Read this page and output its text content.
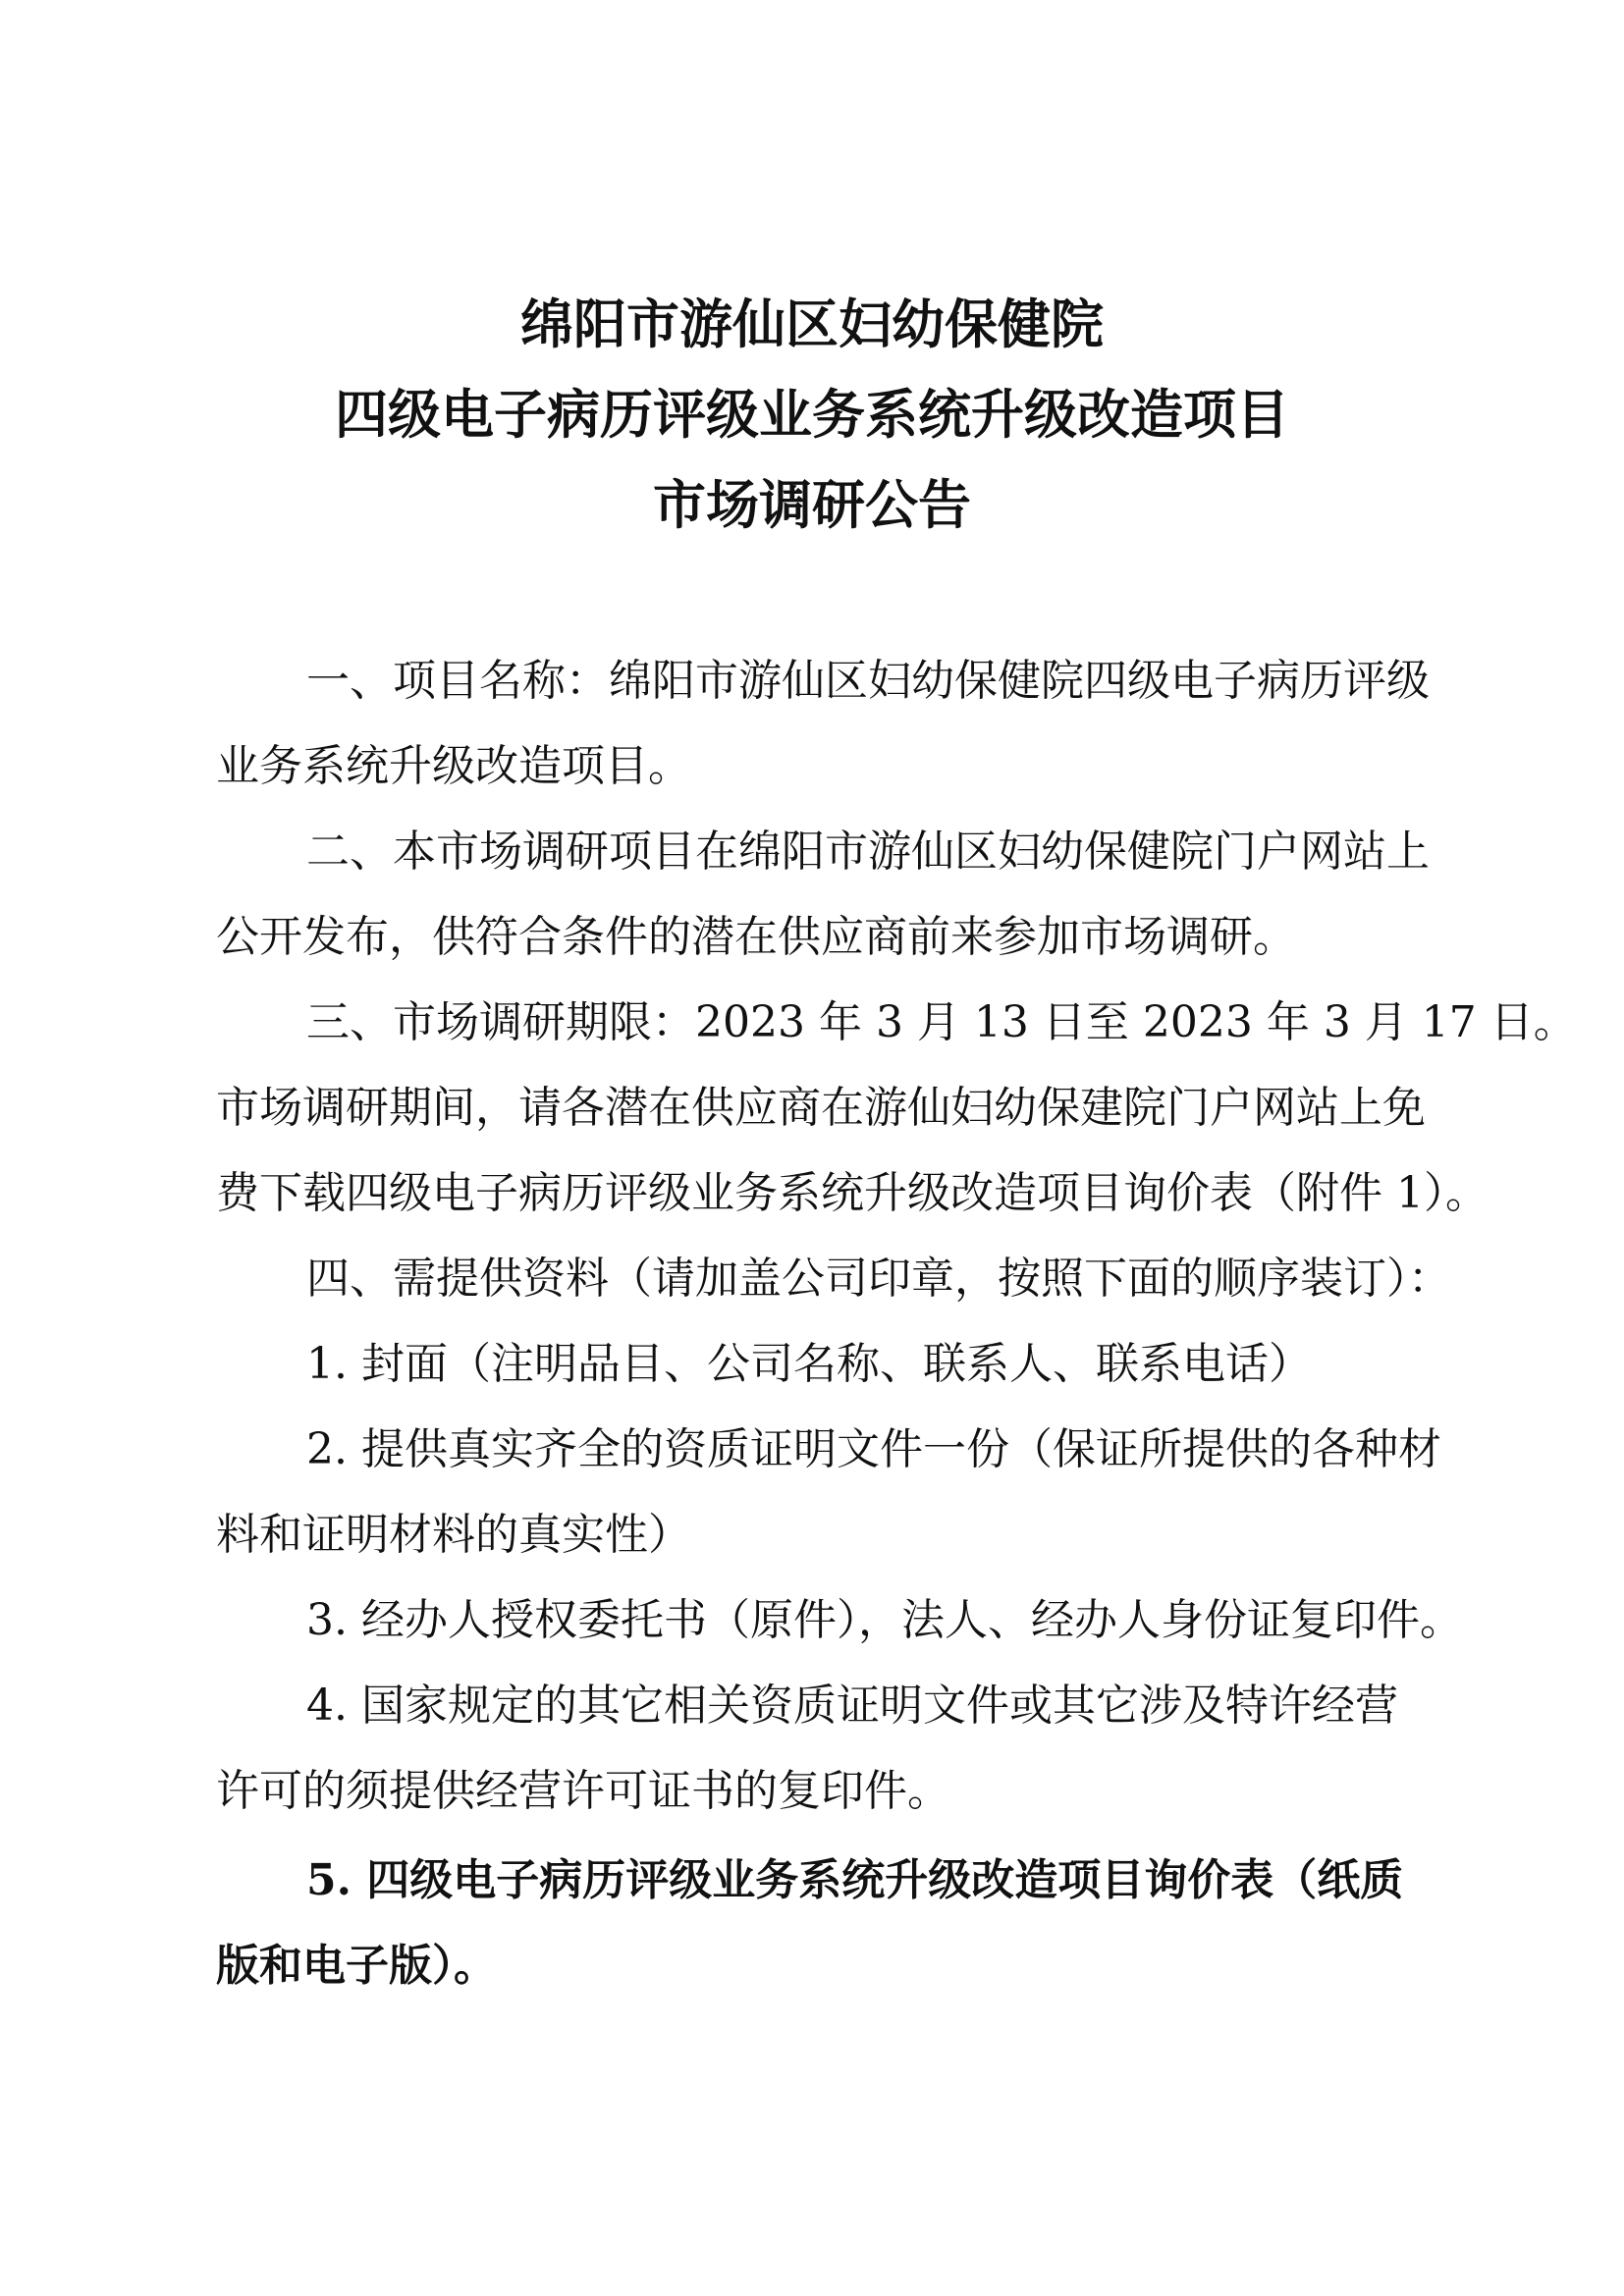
绵阳市游仙区妇幼保健院
四级电子病历评级业务系统升级改造项目
市场调研公告

一、项目名称：绵阳市游仙区妇幼保健院四级电子病历评级

业务系统升级改造项目。

二、本市场调研项目在绵阳市游仙区妇幼保健院门户网站上

公开发布，供符合条件的潜在供应商前来参加市场调研。

三、市场调研期限：2023 年 3 月 13 日至 2023 年 3 月 17 日。

市场调研期间，请各潜在供应商在游仙妇幼保建院门户网站上免

费下载四级电子病历评级业务系统升级改造项目询价表（附件 1）。

四、需提供资料（请加盖公司印章，按照下面的顺序装订）：

1. 封面（注明品目、公司名称、联系人、联系电话）

2. 提供真实齐全的资质证明文件一份（保证所提供的各种材

料和证明材料的真实性）

3. 经办人授权委托书（原件），法人、经办人身份证复印件。

4. 国家规定的其它相关资质证明文件或其它涉及特许经营

许可的须提供经营许可证书的复印件。

5. 四级电子病历评级业务系统升级改造项目询价表（纸质

版和电子版）。
